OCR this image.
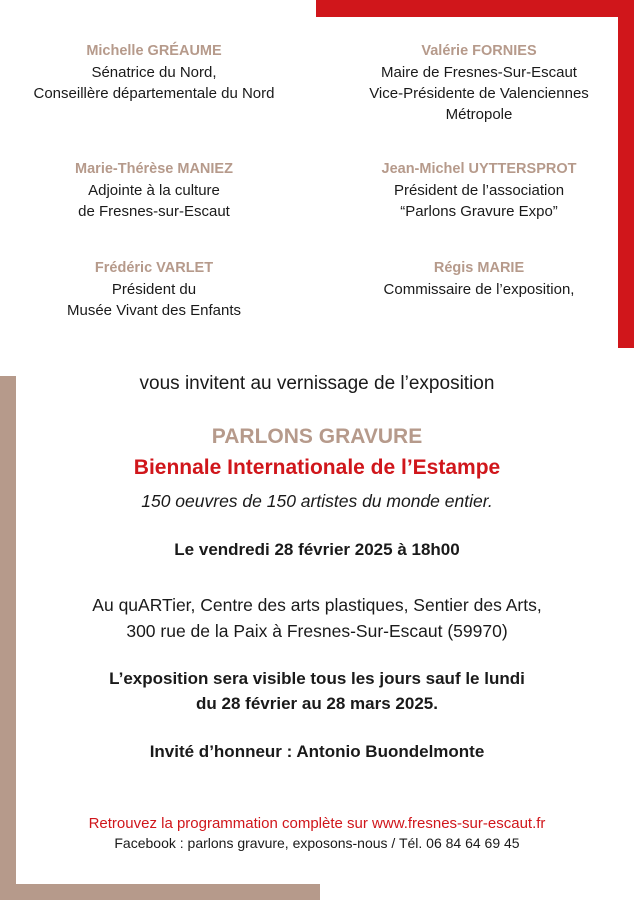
Michelle GRÉAUME
Sénatrice du Nord,
Conseillère départementale du Nord
Marie-Thérèse MANIEZ
Adjointe à la culture
de Fresnes-sur-Escaut
Frédéric VARLET
Président du
Musée Vivant des Enfants
Valérie FORNIES
Maire de Fresnes-Sur-Escaut
Vice-Présidente de Valenciennes
Métropole
Jean-Michel UYTTERSPROT
Président de l’association
“Parlons Gravure Expo”
Régis MARIE
Commissaire de l’exposition,
vous invitent au vernissage de l’exposition
PARLONS GRAVURE
Biennale Internationale de l’Estampe
150 oeuvres de 150 artistes du monde entier.
Le vendredi 28 février 2025 à 18h00
Au quARTier, Centre des arts plastiques, Sentier des Arts,
300 rue de la Paix à Fresnes-Sur-Escaut (59970)
L’exposition sera visible tous les jours sauf le lundi
du 28 février au 28 mars 2025.
Invité d’honneur : Antonio Buondelmonte
Retrouvez la programmation complète sur www.fresnes-sur-escaut.fr
Facebook : parlons gravure, exposons-nous / Tél. 06 84 64 69 45
